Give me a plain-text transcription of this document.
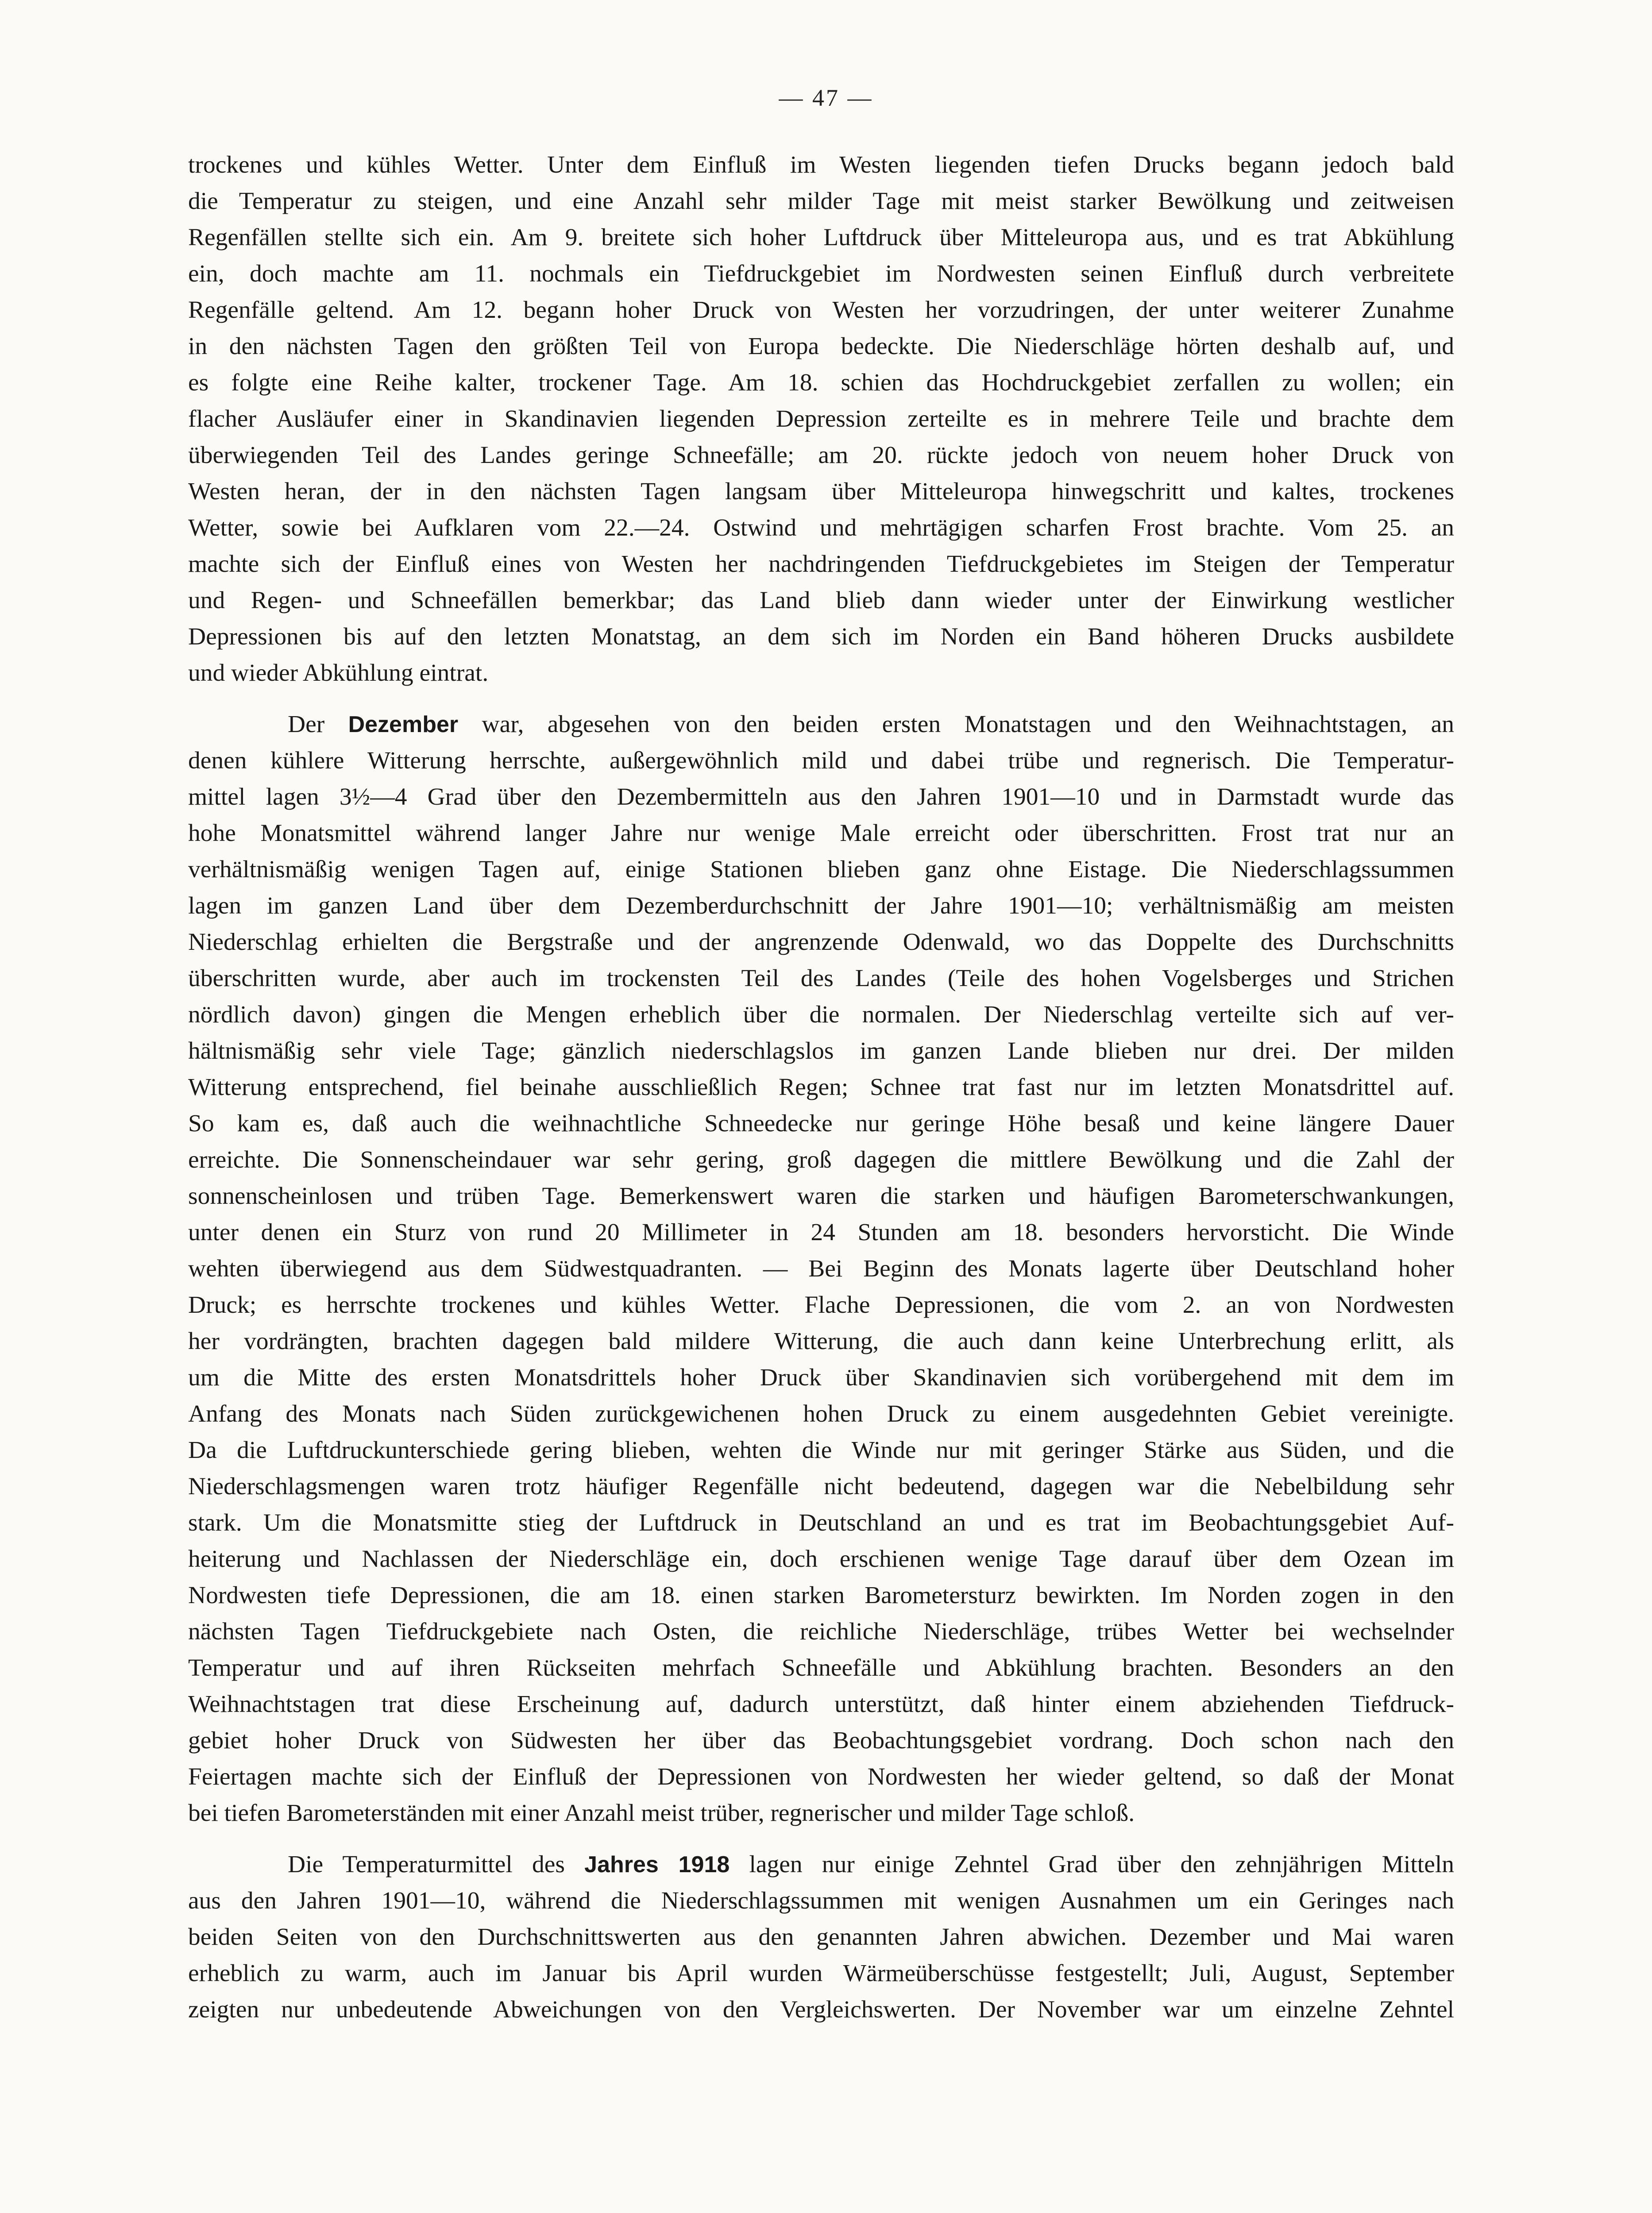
— 47 —
trockenes und kühles Wetter. Unter dem Einfluß im Westen liegenden tiefen Drucks begann jedoch bald
die Temperatur zu steigen, und eine Anzahl sehr milder Tage mit meist starker Bewölkung und zeitweisen
Regenfällen stellte sich ein. Am 9. breitete sich hoher Luftdruck über Mitteleuropa aus, und es trat Abkühlung
ein, doch machte am 11. nochmals ein Tiefdruckgebiet im Nordwesten seinen Einfluß durch verbreitete
Regenfälle geltend. Am 12. begann hoher Druck von Westen her vorzudringen, der unter weiterer Zunahme
in den nächsten Tagen den größten Teil von Europa bedeckte. Die Niederschläge hörten deshalb auf, und
es folgte eine Reihe kalter, trockener Tage. Am 18. schien das Hochdruckgebiet zerfallen zu wollen; ein
flacher Ausläufer einer in Skandinavien liegenden Depression zerteilte es in mehrere Teile und brachte dem
überwiegenden Teil des Landes geringe Schneefälle; am 20. rückte jedoch von neuem hoher Druck von
Westen heran, der in den nächsten Tagen langsam über Mitteleuropa hinwegschritt und kaltes, trockenes
Wetter, sowie bei Aufklaren vom 22.—24. Ostwind und mehrtägigen scharfen Frost brachte. Vom 25. an
machte sich der Einfluß eines von Westen her nachdringenden Tiefdruckgebietes im Steigen der Temperatur
und Regen- und Schneefällen bemerkbar; das Land blieb dann wieder unter der Einwirkung westlicher
Depressionen bis auf den letzten Monatstag, an dem sich im Norden ein Band höheren Drucks ausbildete
und wieder Abkühlung eintrat.
Der Dezember war, abgesehen von den beiden ersten Monatstagen und den Weihnachtstagen, an
denen kühlere Witterung herrschte, außergewöhnlich mild und dabei trübe und regnerisch. Die Temperatur-
mittel lagen 3½—4 Grad über den Dezembermitteln aus den Jahren 1901—10 und in Darmstadt wurde das
hohe Monatsmittel während langer Jahre nur wenige Male erreicht oder überschritten. Frost trat nur an
verhältnismäßig wenigen Tagen auf, einige Stationen blieben ganz ohne Eistage. Die Niederschlagssummen
lagen im ganzen Land über dem Dezemberdurchschnitt der Jahre 1901—10; verhältnismäßig am meisten
Niederschlag erhielten die Bergstraße und der angrenzende Odenwald, wo das Doppelte des Durchschnitts
überschritten wurde, aber auch im trockensten Teil des Landes (Teile des hohen Vogelsberges und Strichen
nördlich davon) gingen die Mengen erheblich über die normalen. Der Niederschlag verteilte sich auf ver-
hältnismäßig sehr viele Tage; gänzlich niederschlagslos im ganzen Lande blieben nur drei. Der milden
Witterung entsprechend, fiel beinahe ausschließlich Regen; Schnee trat fast nur im letzten Monatsdrittel auf.
So kam es, daß auch die weihnachtliche Schneedecke nur geringe Höhe besaß und keine längere Dauer
erreichte. Die Sonnenscheindauer war sehr gering, groß dagegen die mittlere Bewölkung und die Zahl der
sonnenscheinlosen und trüben Tage. Bemerkenswert waren die starken und häufigen Barometerschwankungen,
unter denen ein Sturz von rund 20 Millimeter in 24 Stunden am 18. besonders hervorsticht. Die Winde
wehten überwiegend aus dem Südwestquadranten. — Bei Beginn des Monats lagerte über Deutschland hoher
Druck; es herrschte trockenes und kühles Wetter. Flache Depressionen, die vom 2. an von Nordwesten
her vordrängten, brachten dagegen bald mildere Witterung, die auch dann keine Unterbrechung erlitt, als
um die Mitte des ersten Monatsdrittels hoher Druck über Skandinavien sich vorübergehend mit dem im
Anfang des Monats nach Süden zurückgewichenen hohen Druck zu einem ausgedehnten Gebiet vereinigte.
Da die Luftdruckunterschiede gering blieben, wehten die Winde nur mit geringer Stärke aus Süden, und die
Niederschlagsmengen waren trotz häufiger Regenfälle nicht bedeutend, dagegen war die Nebelbildung sehr
stark. Um die Monatsmitte stieg der Luftdruck in Deutschland an und es trat im Beobachtungsgebiet Auf-
heiterung und Nachlassen der Niederschläge ein, doch erschienen wenige Tage darauf über dem Ozean im
Nordwesten tiefe Depressionen, die am 18. einen starken Barometersturz bewirkten. Im Norden zogen in den
nächsten Tagen Tiefdruckgebiete nach Osten, die reichliche Niederschläge, trübes Wetter bei wechselnder
Temperatur und auf ihren Rückseiten mehrfach Schneefälle und Abkühlung brachten. Besonders an den
Weihnachtstagen trat diese Erscheinung auf, dadurch unterstützt, daß hinter einem abziehenden Tiefdruck-
gebiet hoher Druck von Südwesten her über das Beobachtungsgebiet vordrang. Doch schon nach den
Feiertagen machte sich der Einfluß der Depressionen von Nordwesten her wieder geltend, so daß der Monat
bei tiefen Barometerständen mit einer Anzahl meist trüber, regnerischer und milder Tage schloß.
Die Temperaturmittel des Jahres 1918 lagen nur einige Zehntel Grad über den zehnjährigen Mitteln
aus den Jahren 1901—10, während die Niederschlagssummen mit wenigen Ausnahmen um ein Geringes nach
beiden Seiten von den Durchschnittswerten aus den genannten Jahren abwichen. Dezember und Mai waren
erheblich zu warm, auch im Januar bis April wurden Wärmeüberschüsse festgestellt; Juli, August, September
zeigten nur unbedeutende Abweichungen von den Vergleichswerten. Der November war um einzelne Zehntel
